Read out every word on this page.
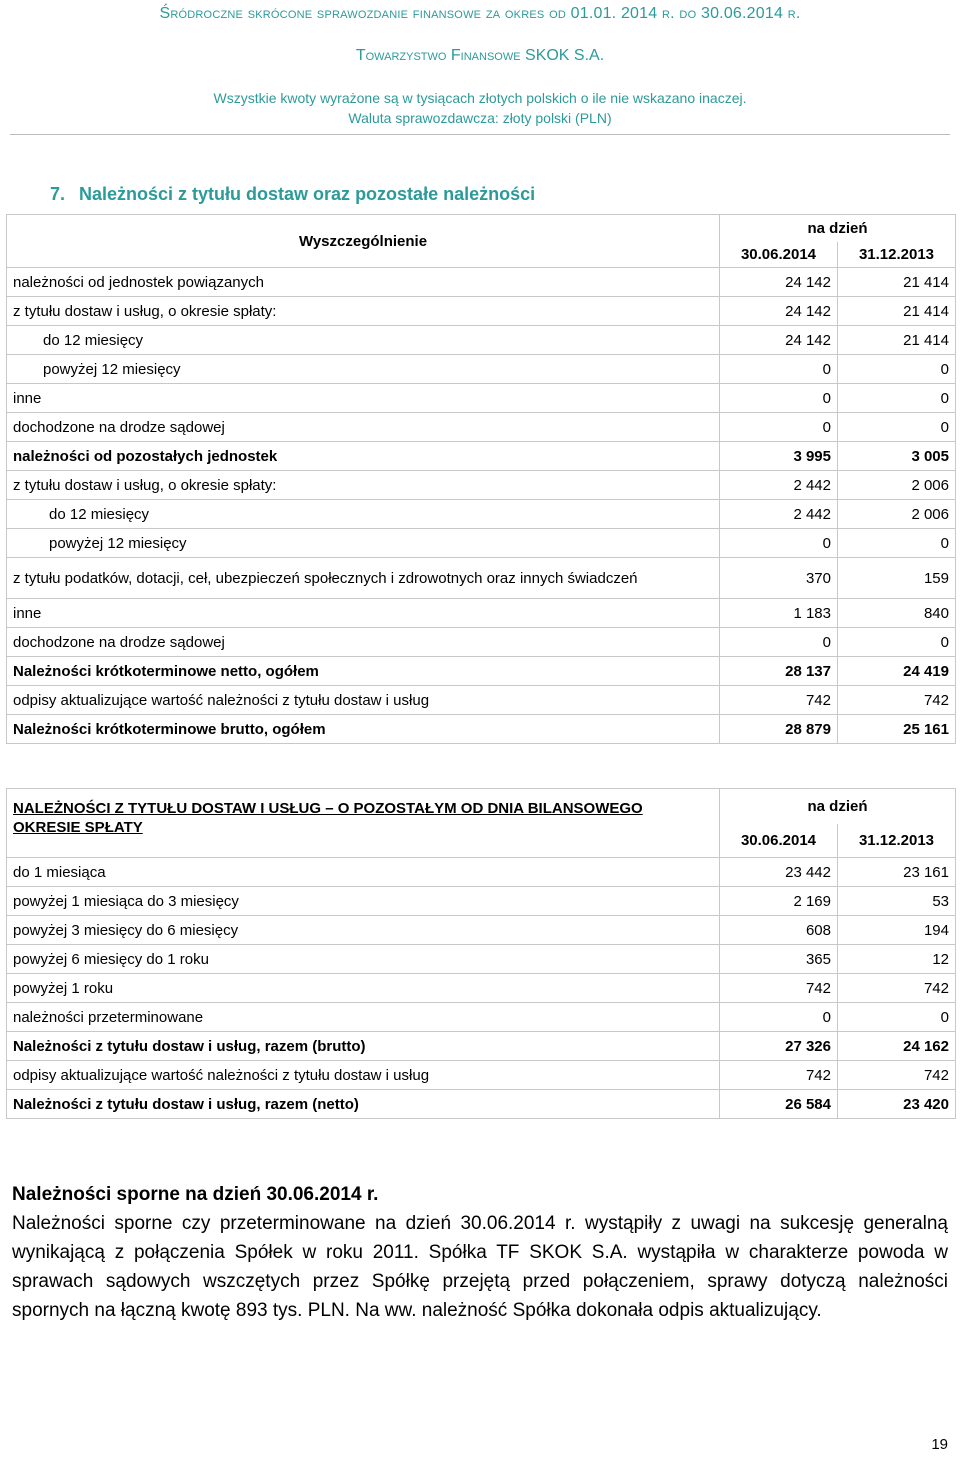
Śródroczne skrócone sprawozdanie finansowe za okres od 01.01. 2014 r. do 30.06.2014 r.
Towarzystwo Finansowe SKOK S.A.
Wszystkie kwoty wyrażone są w tysiącach złotych polskich o ile nie wskazano inaczej.
Waluta sprawozdawcza: złoty polski (PLN)
7. Należności z tytułu dostaw oraz pozostałe należności
Wyszczególnienie	na dzień	
	30.06.2014	31.12.2013
należności od jednostek powiązanych	24 142	21 414
z tytułu dostaw i usług, o okresie spłaty:	24 142	21 414
do 12 miesięcy	24 142	21 414
powyżej 12 miesięcy	0	0
inne	0	0
dochodzone na drodze sądowej	0	0
należności od pozostałych jednostek	3 995	3 005
z tytułu dostaw i usług, o okresie spłaty:	2 442	2 006
do 12 miesięcy	2 442	2 006
powyżej 12 miesięcy	0	0
z tytułu podatków, dotacji, ceł, ubezpieczeń społecznych i zdrowotnych oraz innych świadczeń	370	159
inne	1 183	840
dochodzone na drodze sądowej	0	0
Należności krótkoterminowe netto, ogółem	28 137	24 419
odpisy aktualizujące wartość należności z tytułu dostaw i usług	742	742
Należności krótkoterminowe brutto, ogółem	28 879	25 161
NALEŻNOŚCI Z TYTUŁU DOSTAW I USŁUG – O POZOSTAŁYM OD DNIA BILANSOWEGO OKRESIE SPŁATY	na dzień	
	30.06.2014	31.12.2013
do 1 miesiąca	23 442	23 161
powyżej 1 miesiąca do 3 miesięcy	2 169	53
powyżej 3 miesięcy do 6 miesięcy	608	194
powyżej 6 miesięcy do 1 roku	365	12
powyżej 1 roku	742	742
należności przeterminowane	0	0
Należności z tytułu dostaw i usług, razem (brutto)	27 326	24 162
odpisy aktualizujące wartość należności z tytułu dostaw i usług	742	742
Należności z tytułu dostaw i usług, razem (netto)	26 584	23 420
Należności sporne na dzień 30.06.2014 r.
Należności sporne czy przeterminowane na dzień 30.06.2014 r. wystąpiły z uwagi na sukcesję generalną wynikającą z połączenia Spółek w roku 2011. Spółka TF SKOK S.A. wystąpiła w charakterze powoda w sprawach sądowych wszczętych przez Spółkę przejętą przed połączeniem, sprawy dotyczą należności spornych na łączną kwotę 893 tys. PLN. Na ww. należność Spółka dokonała odpis aktualizujący.
19
